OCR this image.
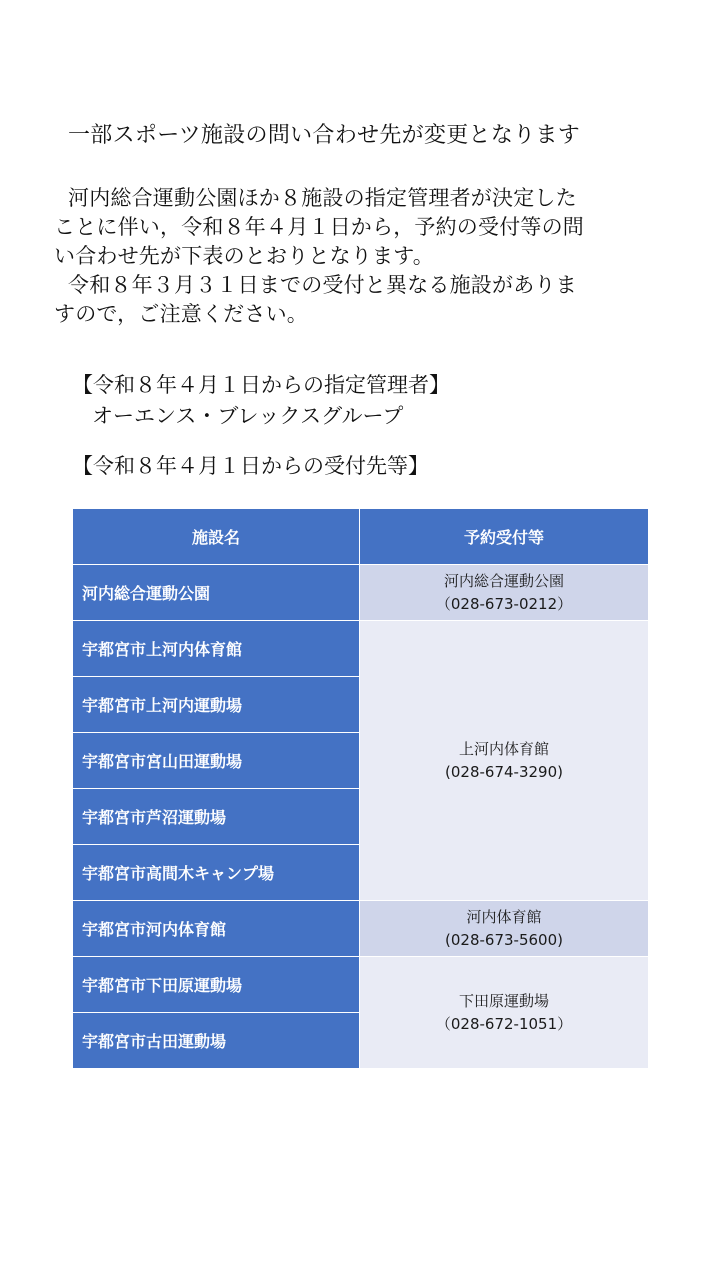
一部スポーツ施設の問い合わせ先が変更となります
河内総合運動公園ほか８施設の指定管理者が決定した
ことに伴い，令和８年４月１日から，予約の受付等の問
い合わせ先が下表のとおりとなります。
令和８年３月３１日までの受付と異なる施設がありま
すので，ご注意ください。
【令和８年４月１日からの指定管理者】
オーエンス・ブレックスグループ
【令和８年４月１日からの受付先等】
施設名	予約受付等
河内総合運動公園	河内総合運動公園
（028-673-0212）

宇都宮市上河内体育館	上河内体育館
(028-674-3290)

宇都宮市上河内運動場	
宇都宮市宮山田運動場	
宇都宮市芦沼運動場	
宇都宮市高間木キャンプ場	
宇都宮市河内体育館	河内体育館
(028-673-5600)

宇都宮市下田原運動場	下田原運動場
（028-672-1051）

宇都宮市古田運動場	
